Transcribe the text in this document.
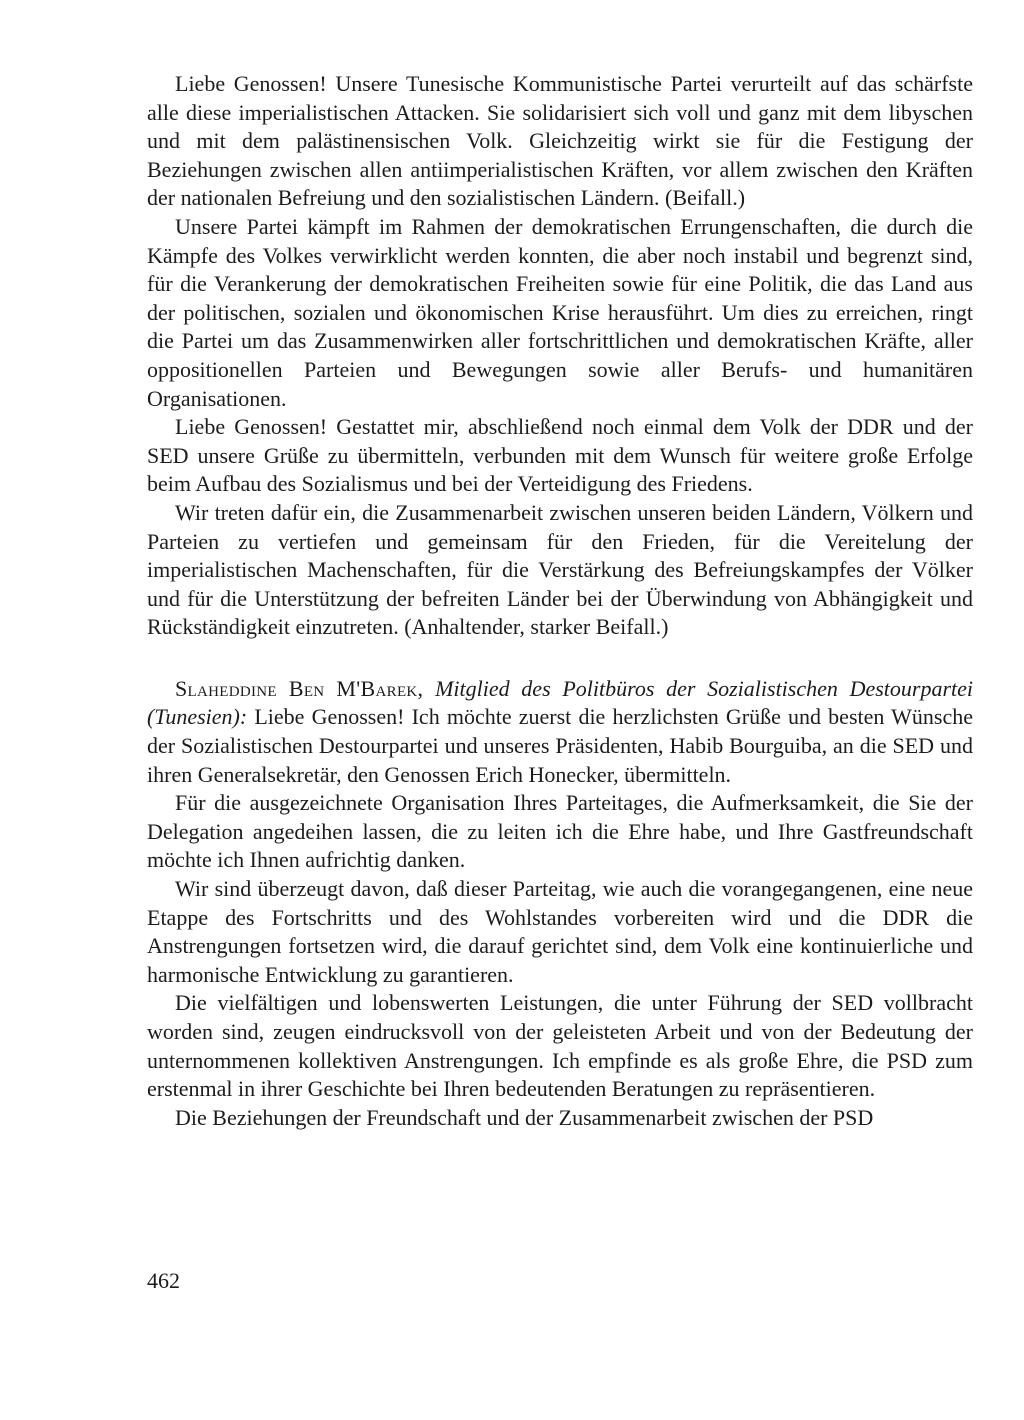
Liebe Genossen! Unsere Tunesische Kommunistische Partei verurteilt auf das schärfste alle diese imperialistischen Attacken. Sie solidarisiert sich voll und ganz mit dem libyschen und mit dem palästinensischen Volk. Gleichzeitig wirkt sie für die Festigung der Beziehungen zwischen allen antiimperialistischen Kräften, vor allem zwischen den Kräften der nationalen Befreiung und den sozialistischen Ländern. (Beifall.)

Unsere Partei kämpft im Rahmen der demokratischen Errungenschaften, die durch die Kämpfe des Volkes verwirklicht werden konnten, die aber noch instabil und begrenzt sind, für die Verankerung der demokratischen Freiheiten sowie für eine Politik, die das Land aus der politischen, sozialen und ökonomischen Krise herausführt. Um dies zu erreichen, ringt die Partei um das Zusammenwirken aller fortschrittlichen und demokratischen Kräfte, aller oppositionellen Parteien und Bewegungen sowie aller Berufs- und humanitären Organisationen.

Liebe Genossen! Gestattet mir, abschließend noch einmal dem Volk der DDR und der SED unsere Grüße zu übermitteln, verbunden mit dem Wunsch für weitere große Erfolge beim Aufbau des Sozialismus und bei der Verteidigung des Friedens.

Wir treten dafür ein, die Zusammenarbeit zwischen unseren beiden Ländern, Völkern und Parteien zu vertiefen und gemeinsam für den Frieden, für die Vereitelung der imperialistischen Machenschaften, für die Verstärkung des Befreiungskampfes der Völker und für die Unterstützung der befreiten Länder bei der Überwindung von Abhängigkeit und Rückständigkeit einzutreten. (Anhaltender, starker Beifall.)

Slaheddine Ben M'Barek, Mitglied des Politbüros der Sozialistischen Destourpartei (Tunesien): Liebe Genossen! Ich möchte zuerst die herzlichsten Grüße und besten Wünsche der Sozialistischen Destourpartei und unseres Präsidenten, Habib Bourguiba, an die SED und ihren Generalsekretär, den Genossen Erich Honecker, übermitteln.

Für die ausgezeichnete Organisation Ihres Parteitages, die Aufmerksamkeit, die Sie der Delegation angedeihen lassen, die zu leiten ich die Ehre habe, und Ihre Gastfreundschaft möchte ich Ihnen aufrichtig danken.

Wir sind überzeugt davon, daß dieser Parteitag, wie auch die vorangegangenen, eine neue Etappe des Fortschritts und des Wohlstandes vorbereiten wird und die DDR die Anstrengungen fortsetzen wird, die darauf gerichtet sind, dem Volk eine kontinuierliche und harmonische Entwicklung zu garantieren.

Die vielfältigen und lobenswerten Leistungen, die unter Führung der SED vollbracht worden sind, zeugen eindrucksvoll von der geleisteten Arbeit und von der Bedeutung der unternommenen kollektiven Anstrengungen. Ich empfinde es als große Ehre, die PSD zum erstenmal in ihrer Geschichte bei Ihren bedeutenden Beratungen zu repräsentieren.

Die Beziehungen der Freundschaft und der Zusammenarbeit zwischen der PSD

462
